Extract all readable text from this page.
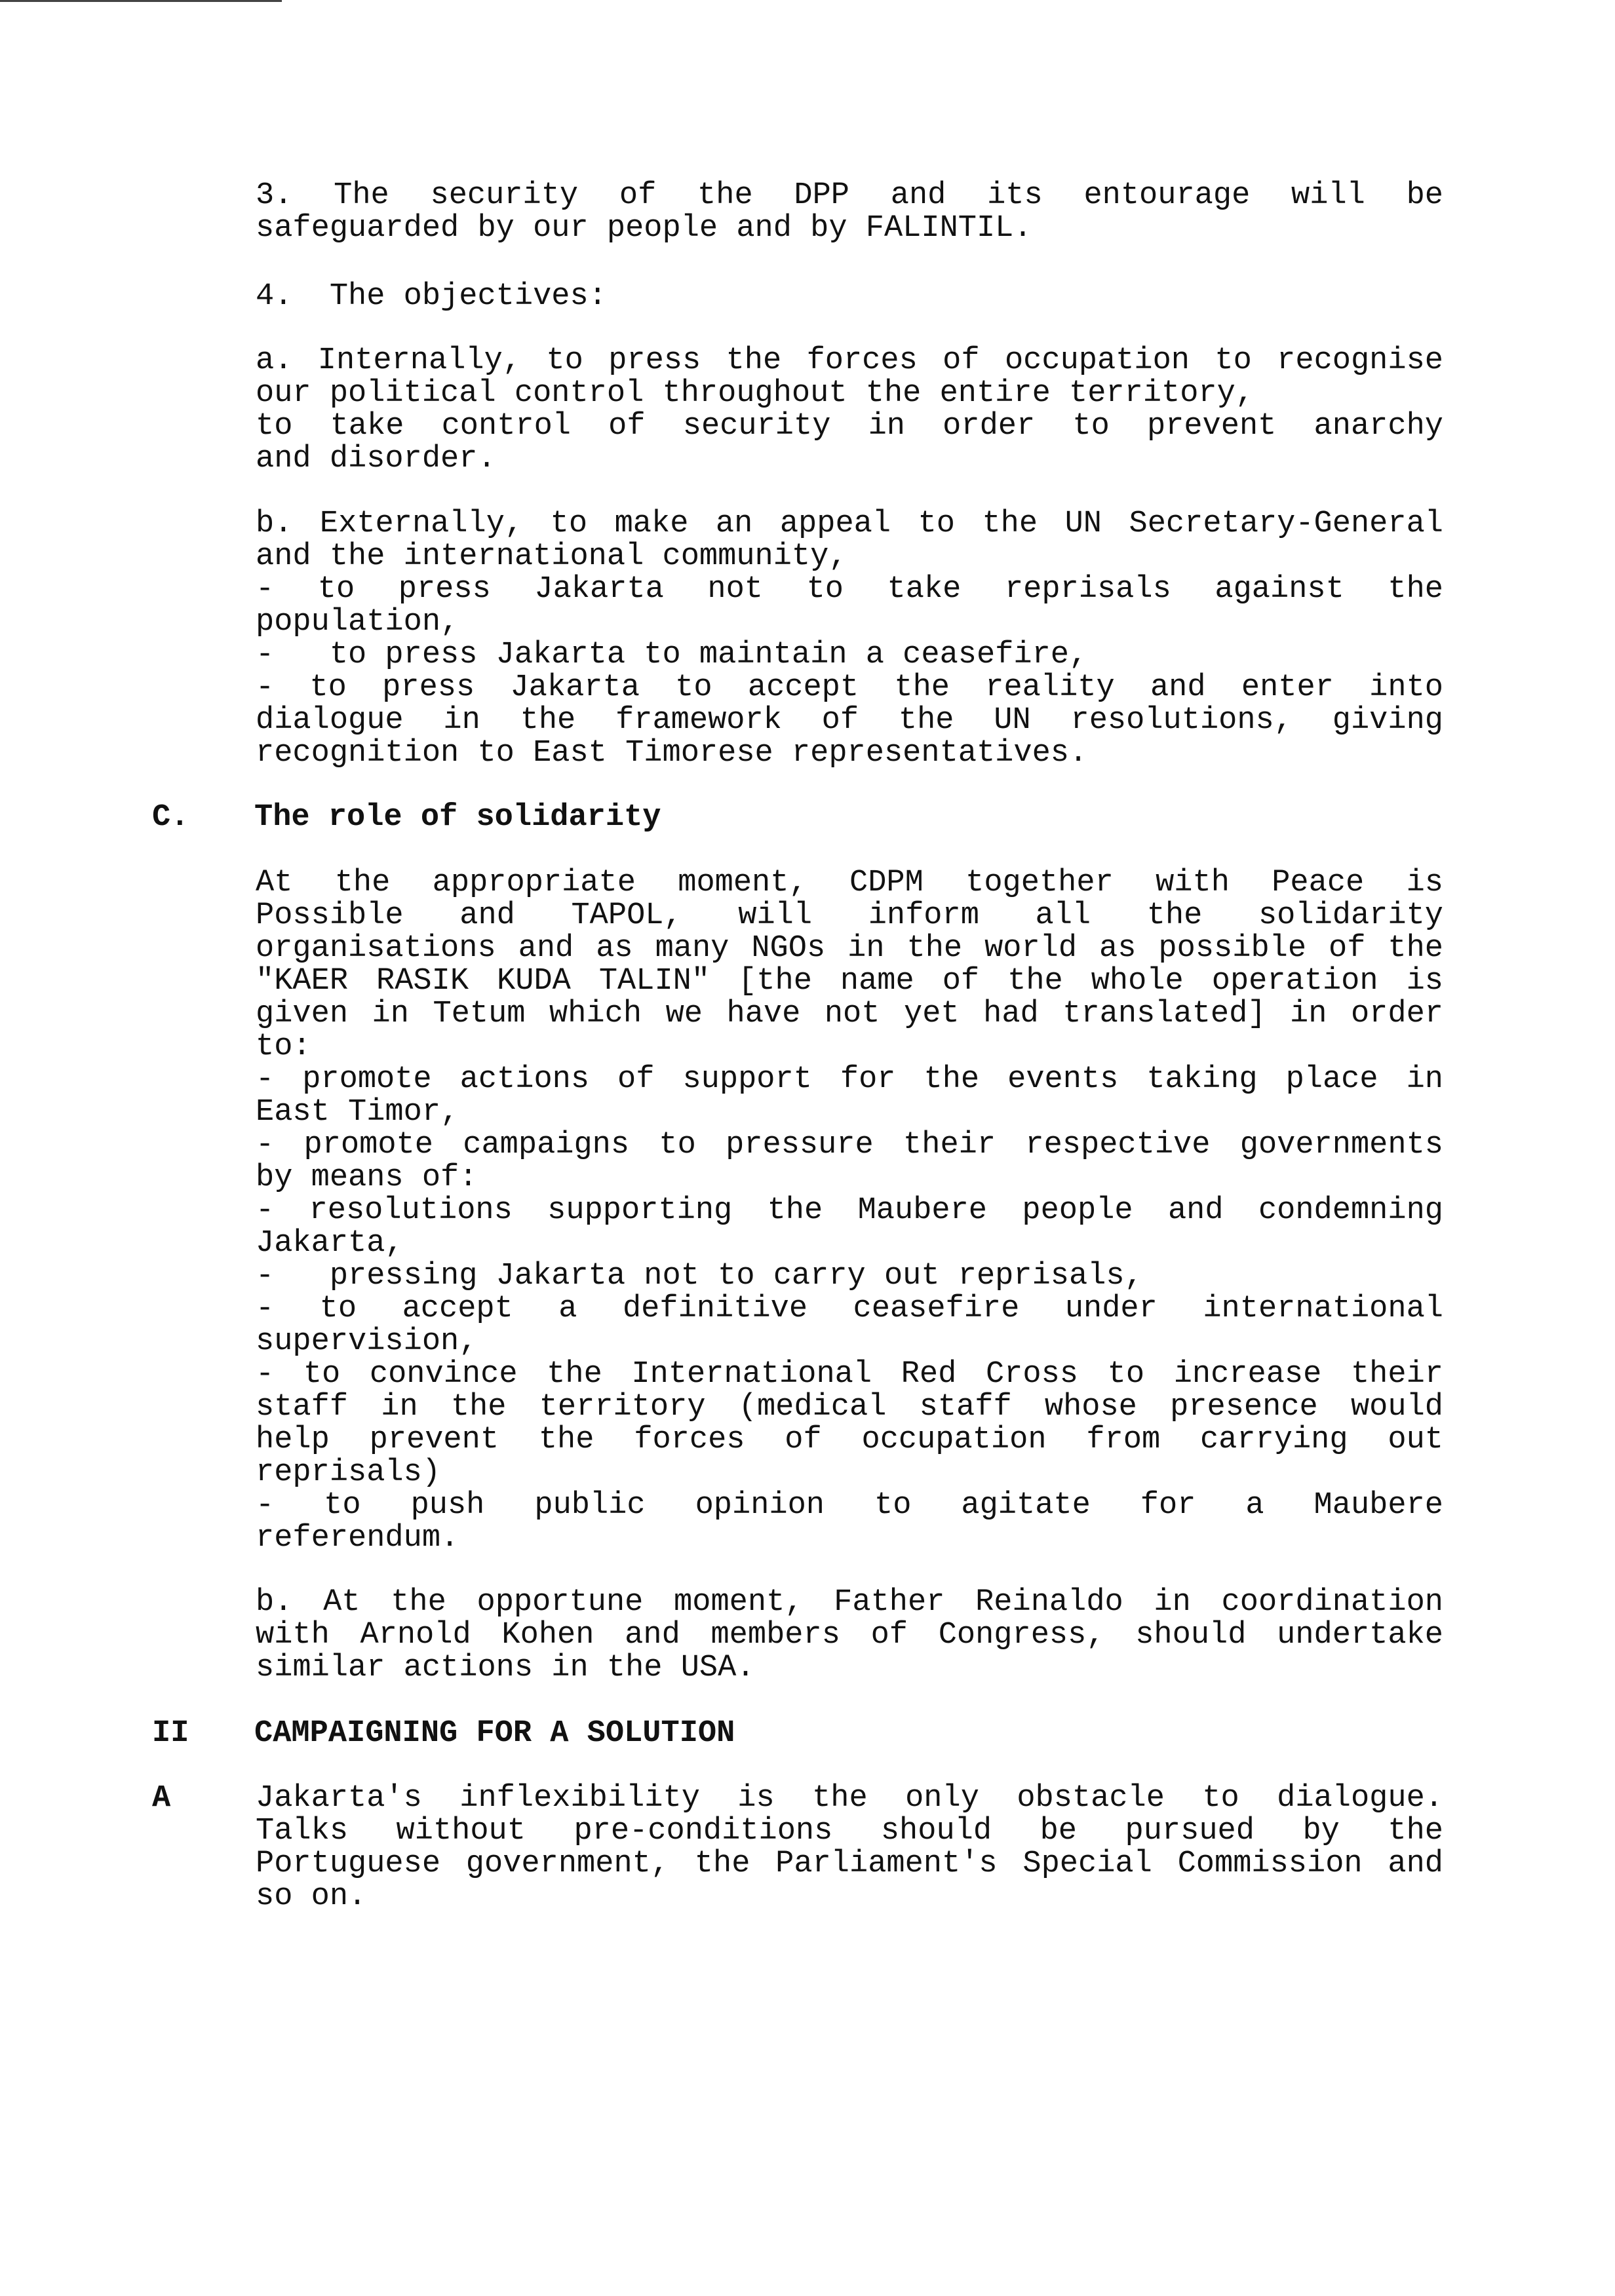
3. The security of the DPP and its entourage will be
safeguarded by our people and by FALINTIL.
4.  The objectives:
a. Internally, to press the forces of occupation to recognise
our political control throughout the entire territory,
to take control of security in order to prevent anarchy
and disorder.
b. Externally, to make an appeal to the UN Secretary-General
and the international community,
- to press Jakarta not to take reprisals against the
population,
-   to press Jakarta to maintain a ceasefire,
- to press Jakarta to accept the reality and enter into
dialogue in the framework of the UN resolutions, giving
recognition to East Timorese representatives.
C. The role of solidarity
At the appropriate moment, CDPM together with Peace is
Possible and TAPOL, will inform all the solidarity
organisations and as many NGOs in the world as possible of the
"KAER RASIK KUDA TALIN" [the name of the whole operation is
given in Tetum which we have not yet had translated] in order
to:
- promote actions of support for the events taking place in
East Timor,
- promote campaigns to pressure their respective governments
by means of:
- resolutions supporting the Maubere people and condemning
Jakarta,
-   pressing Jakarta not to carry out reprisals,
- to accept a definitive ceasefire under international
supervision,
- to convince the International Red Cross to increase their
staff in the territory (medical staff whose presence would
help prevent the forces of occupation from carrying out
reprisals)
- to push public opinion to agitate for a Maubere
referendum.
b. At the opportune moment, Father Reinaldo in coordination
with Arnold Kohen and members of Congress, should undertake
similar actions in the USA.
II CAMPAIGNING FOR A SOLUTION
A	Jakarta's inflexibility is the only obstacle to dialogue.
Talks without pre-conditions should be pursued by the
Portuguese government, the Parliament's Special Commission and
so on.
